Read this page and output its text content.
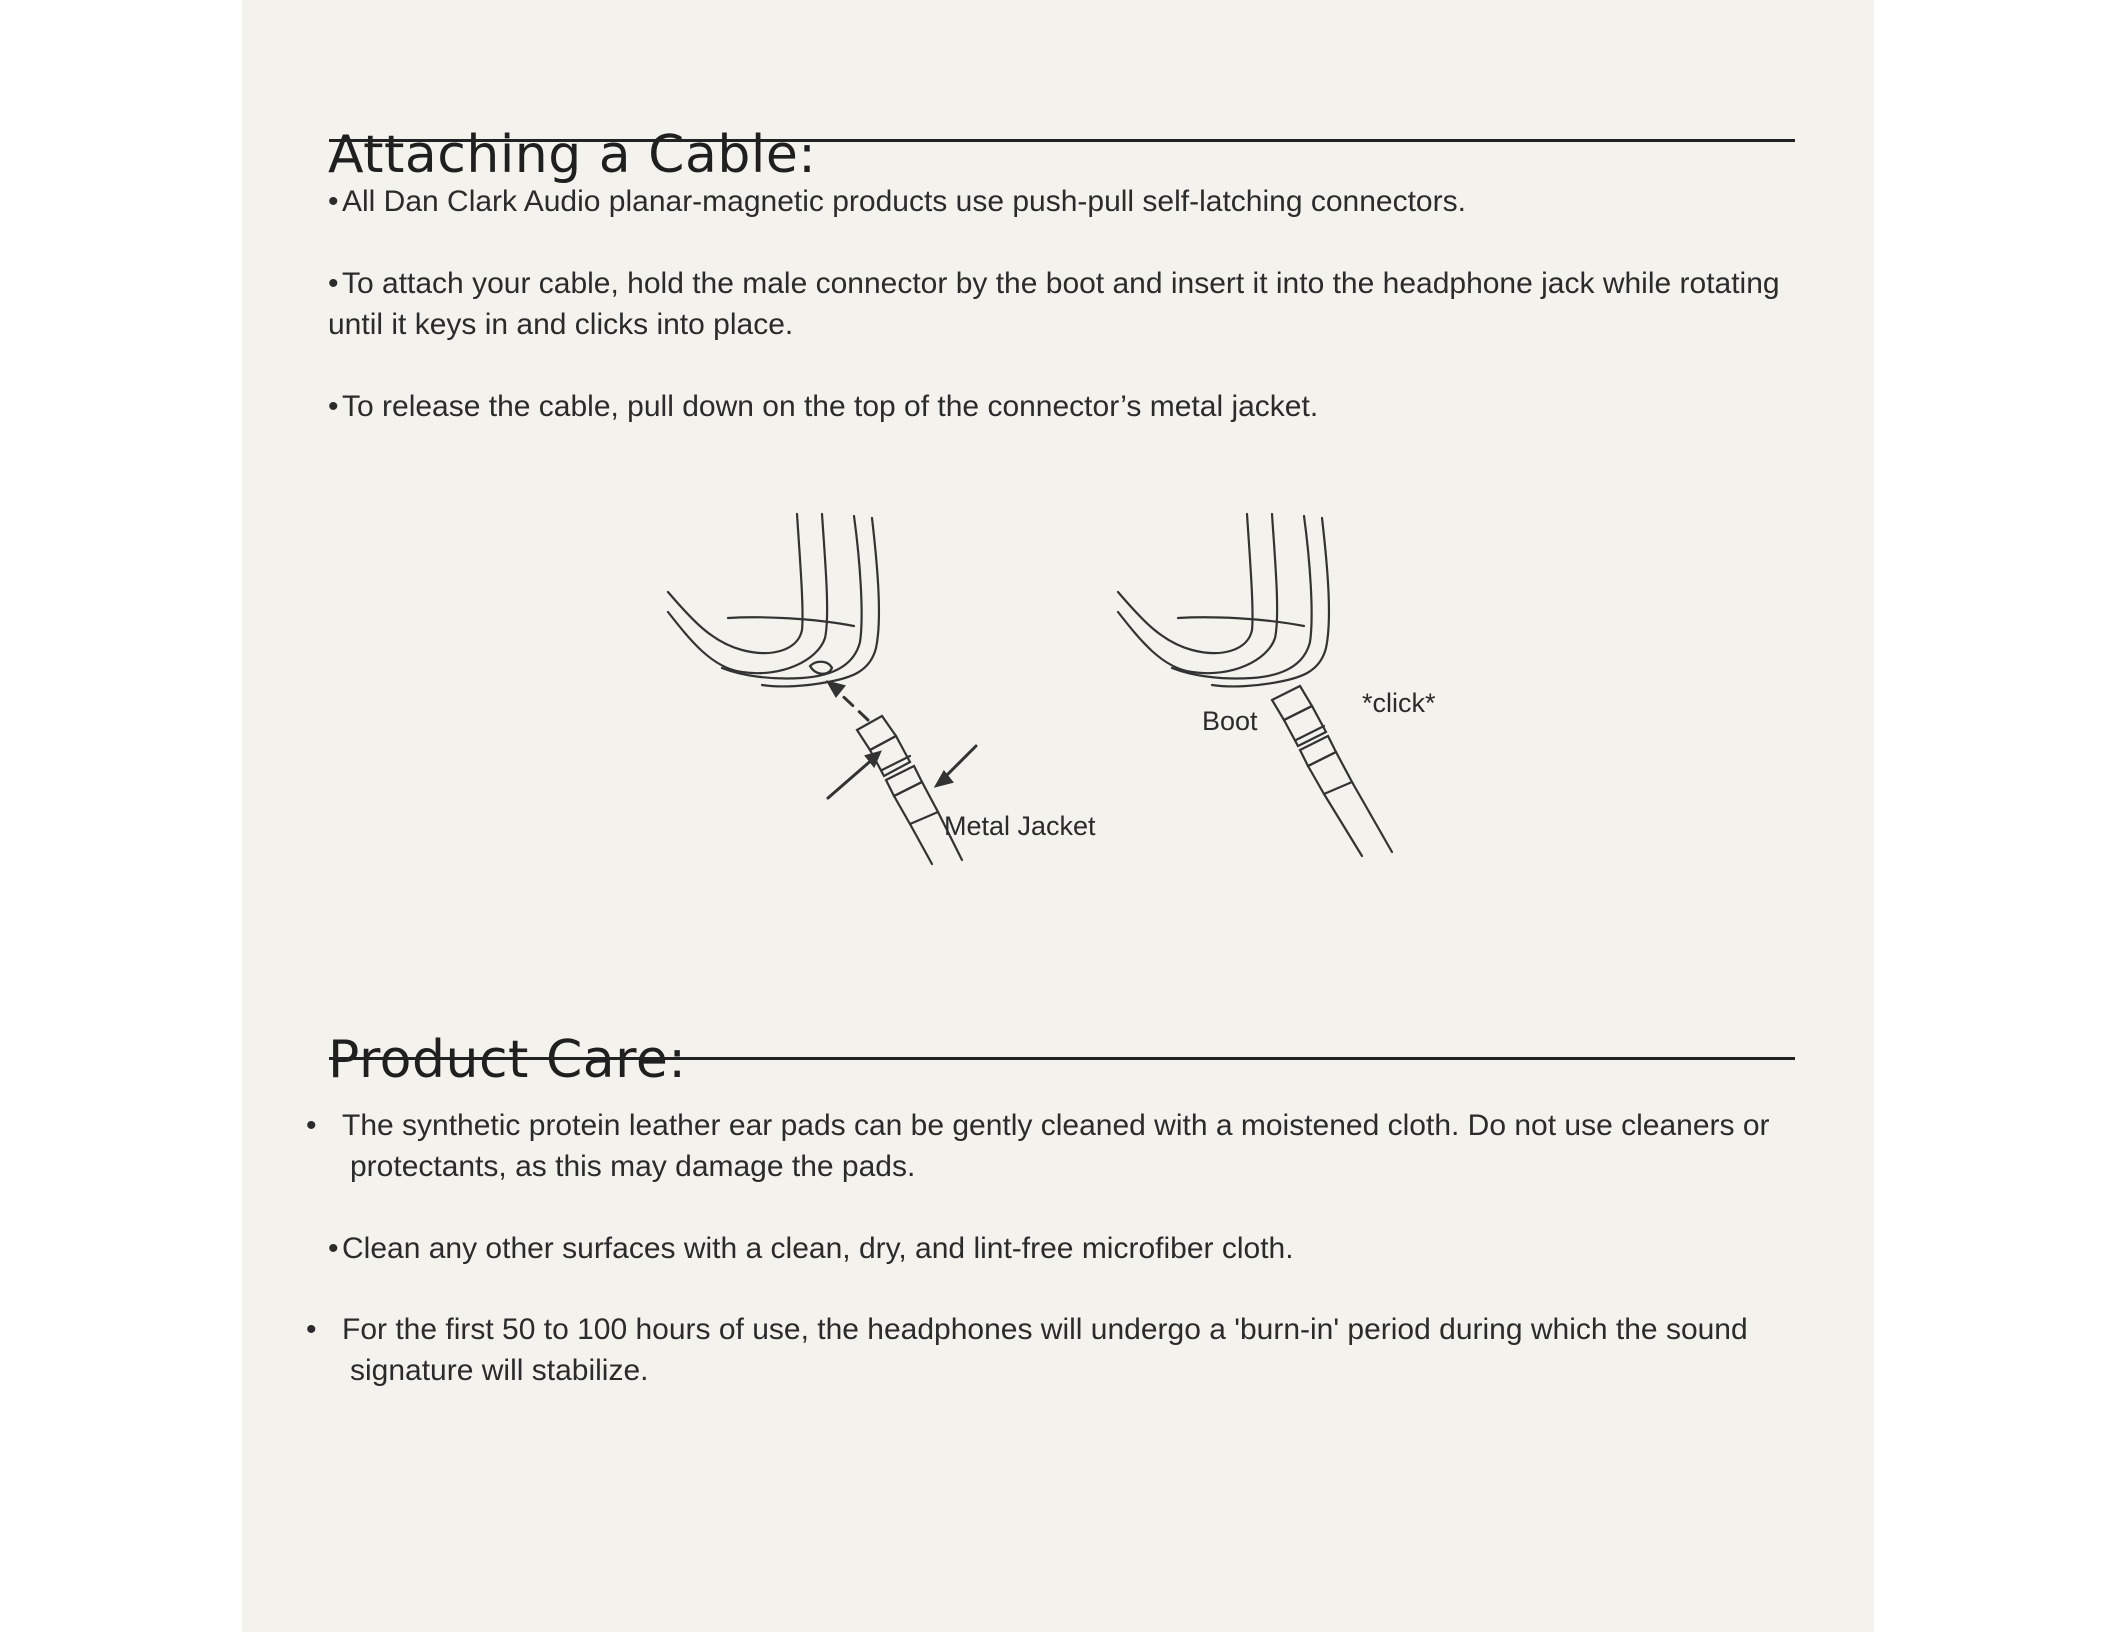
Attaching a Cable:

• All Dan Clark Audio planar-magnetic products use push-pull self-latching connectors.

• To attach your cable, hold the male connector by the boot and insert it into the headphone jack while rotating until it keys in and clicks into place.

• To release the cable, pull down on the top of the connector’s metal jacket.

Boot
Metal Jacket
*click*
Product Care:

• The synthetic protein leather ear pads can be gently cleaned with a moistened cloth. Do not use cleaners or protectants, as this may damage the pads.

• Clean any other surfaces with a clean, dry, and lint-free microfiber cloth.

• For the first 50 to 100 hours of use, the headphones will undergo a 'burn-in' period during which the sound signature will stabilize.
